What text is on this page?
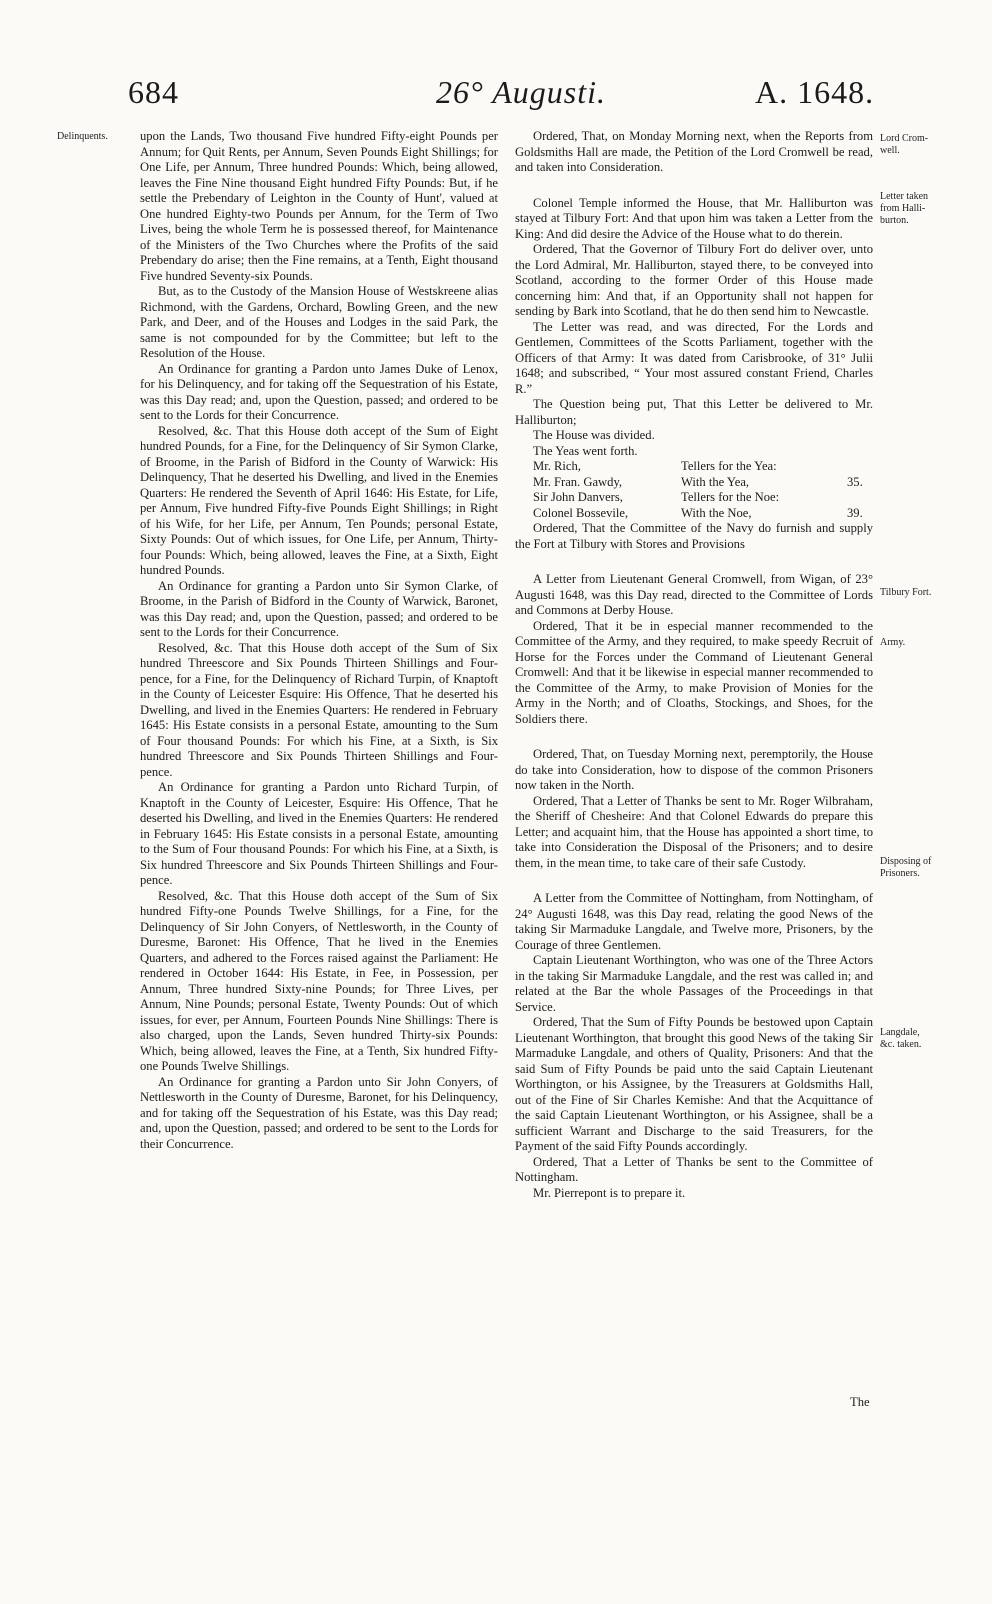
684	26° Augusti.	A. 1648.
Delinquents.	Lord Crom-
well.
Letter taken
from Halli-
burton.
Tilbury Fort.
Army.
Disposing of
Prisoners.
Langdale,
&c. taken.

upon the Lands, Two thousand Five hundred Fifty-eight Pounds per Annum; for Quit Rents, per Annum, Seven Pounds Eight Shillings; for One Life, per Annum, Three hundred Pounds: Which, being allowed, leaves the Fine Nine thousand Eight hundred Fifty Pounds: But, if he settle the Prebendary of Leighton in the County of Hunt', valued at One hundred Eighty-two Pounds per Annum, for the Term of Two Lives, being the whole Term he is possessed thereof, for Maintenance of the Ministers of the Two Churches where the Profits of the said Prebendary do arise; then the Fine remains, at a Tenth, Eight thousand Five hundred Seventy-six Pounds.

But, as to the Custody of the Mansion House of Westskreene alias Richmond, with the Gardens, Orchard, Bowling Green, and the new Park, and Deer, and of the Houses and Lodges in the said Park, the same is not compounded for by the Committee; but left to the Resolution of the House.

An Ordinance for granting a Pardon unto James Duke of Lenox, for his Delinquency, and for taking off the Sequestration of his Estate, was this Day read; and, upon the Question, passed; and ordered to be sent to the Lords for their Concurrence.

Resolved, &c. That this House doth accept of the Sum of Eight hundred Pounds, for a Fine, for the Delinquency of Sir Symon Clarke, of Broome, in the Parish of Bidford in the County of Warwick: His Delinquency, That he deserted his Dwelling, and lived in the Enemies Quarters: He rendered the Seventh of April 1646: His Estate, for Life, per Annum, Five hundred Fifty-five Pounds Eight Shillings; in Right of his Wife, for her Life, per Annum, Ten Pounds; personal Estate, Sixty Pounds: Out of which issues, for One Life, per Annum, Thirty-four Pounds: Which, being allowed, leaves the Fine, at a Sixth, Eight hundred Pounds.

An Ordinance for granting a Pardon unto Sir Symon Clarke, of Broome, in the Parish of Bidford in the County of Warwick, Baronet, was this Day read; and, upon the Question, passed; and ordered to be sent to the Lords for their Concurrence.

Resolved, &c. That this House doth accept of the Sum of Six hundred Threescore and Six Pounds Thirteen Shillings and Four-pence, for a Fine, for the Delinquency of Richard Turpin, of Knaptoft in the County of Leicester Esquire: His Offence, That he deserted his Dwelling, and lived in the Enemies Quarters: He rendered in February 1645: His Estate consists in a personal Estate, amounting to the Sum of Four thousand Pounds: For which his Fine, at a Sixth, is Six hundred Threescore and Six Pounds Thirteen Shillings and Four-pence.

An Ordinance for granting a Pardon unto Richard Turpin, of Knaptoft in the County of Leicester, Esquire: His Offence, That he deserted his Dwelling, and lived in the Enemies Quarters: He rendered in February 1645: His Estate consists in a personal Estate, amounting to the Sum of Four thousand Pounds: For which his Fine, at a Sixth, is Six hundred Threescore and Six Pounds Thirteen Shillings and Four-pence.

Resolved, &c. That this House doth accept of the Sum of Six hundred Fifty-one Pounds Twelve Shillings, for a Fine, for the Delinquency of Sir John Conyers, of Nettlesworth, in the County of Duresme, Baronet: His Offence, That he lived in the Enemies Quarters, and adhered to the Forces raised against the Parliament: He rendered in October 1644: His Estate, in Fee, in Possession, per Annum, Three hundred Sixty-nine Pounds; for Three Lives, per Annum, Nine Pounds; personal Estate, Twenty Pounds: Out of which issues, for ever, per Annum, Fourteen Pounds Nine Shillings: There is also charged, upon the Lands, Seven hundred Thirty-six Pounds: Which, being allowed, leaves the Fine, at a Tenth, Six hundred Fifty-one Pounds Twelve Shillings.

An Ordinance for granting a Pardon unto Sir John Conyers, of Nettlesworth in the County of Duresme, Baronet, for his Delinquency, and for taking off the Sequestration of his Estate, was this Day read; and, upon the Question, passed; and ordered to be sent to the Lords for their Concurrence.

Ordered, That, on Monday Morning next, when the Reports from Goldsmiths Hall are made, the Petition of the Lord Cromwell be read, and taken into Consideration.

Colonel Temple informed the House, that Mr. Halliburton was stayed at Tilbury Fort: And that upon him was taken a Letter from the King: And did desire the Advice of the House what to do therein.

Ordered, That the Governor of Tilbury Fort do deliver over, unto the Lord Admiral, Mr. Halliburton, stayed there, to be conveyed into Scotland, according to the former Order of this House made concerning him: And that, if an Opportunity shall not happen for sending by Bark into Scotland, that he do then send him to Newcastle.

The Letter was read, and was directed, For the Lords and Gentlemen, Committees of the Scotts Parliament, together with the Officers of that Army: It was dated from Carisbrooke, of 31° Julii 1648; and subscribed, “ Your most assured constant Friend, Charles R.”

The Question being put, That this Letter be delivered to Mr. Halliburton;

The House was divided.

The Yeas went forth.

Mr. Rich,	Tellers for the Yea:	
Mr. Fran. Gawdy,	With the Yea,	35.
Sir John Danvers,	Tellers for the Noe:	
Colonel Bossevile,	With the Noe,	39.

Ordered, That the Committee of the Navy do furnish and supply the Fort at Tilbury with Stores and Provisions

A Letter from Lieutenant General Cromwell, from Wigan, of 23° Augusti 1648, was this Day read, directed to the Committee of Lords and Commons at Derby House.

Ordered, That it be in especial manner recommended to the Committee of the Army, and they required, to make speedy Recruit of Horse for the Forces under the Command of Lieutenant General Cromwell: And that it be likewise in especial manner recommended to the Committee of the Army, to make Provision of Monies for the Army in the North; and of Cloaths, Stockings, and Shoes, for the Soldiers there.

Ordered, That, on Tuesday Morning next, peremptorily, the House do take into Consideration, how to dispose of the common Prisoners now taken in the North.

Ordered, That a Letter of Thanks be sent to Mr. Roger Wilbraham, the Sheriff of Chesheire: And that Colonel Edwards do prepare this Letter; and acquaint him, that the House has appointed a short time, to take into Consideration the Disposal of the Prisoners; and to desire them, in the mean time, to take care of their safe Custody.

A Letter from the Committee of Nottingham, from Nottingham, of 24° Augusti 1648, was this Day read, relating the good News of the taking Sir Marmaduke Langdale, and Twelve more, Prisoners, by the Courage of three Gentlemen.

Captain Lieutenant Worthington, who was one of the Three Actors in the taking Sir Marmaduke Langdale, and the rest was called in; and related at the Bar the whole Passages of the Proceedings in that Service.

Ordered, That the Sum of Fifty Pounds be bestowed upon Captain Lieutenant Worthington, that brought this good News of the taking Sir Marmaduke Langdale, and others of Quality, Prisoners: And that the said Sum of Fifty Pounds be paid unto the said Captain Lieutenant Worthington, or his Assignee, by the Treasurers at Goldsmiths Hall, out of the Fine of Sir Charles Kemishe: And that the Acquittance of the said Captain Lieutenant Worthington, or his Assignee, shall be a sufficient Warrant and Discharge to the said Treasurers, for the Payment of the said Fifty Pounds accordingly.

Ordered, That a Letter of Thanks be sent to the Committee of Nottingham.

Mr. Pierrepont is to prepare it.

The
